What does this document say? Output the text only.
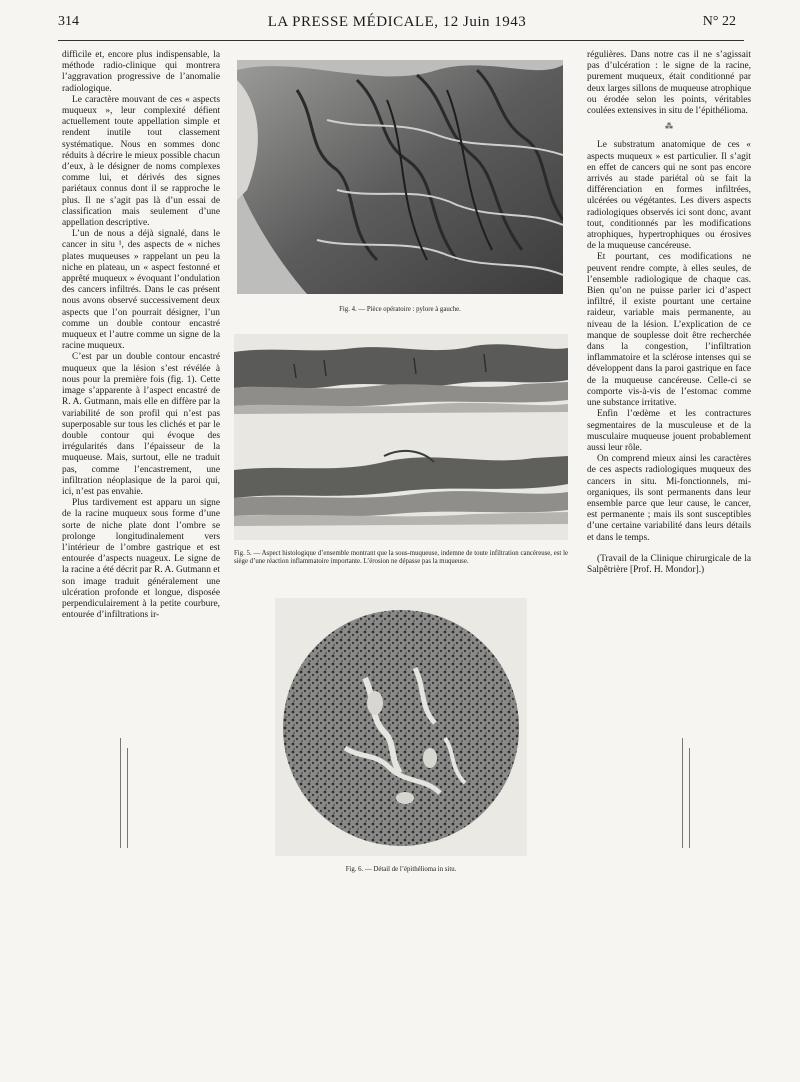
314	LA PRESSE MÉDICALE, 12 Juin 1943	N° 22

difficile et, encore plus indispensable, la méthode radio-clinique qui montrera l’aggravation progressive de l’anomalie radiologique.

Le caractère mouvant de ces « aspects muqueux », leur complexité défient actuellement toute appellation simple et rendent inutile tout classement systématique. Nous en sommes donc réduits à décrire le mieux possible chacun d’eux, à le désigner de noms complexes comme lui, et dérivés des signes pariétaux connus dont il se rapproche le plus. Il ne s’agit pas là d’un essai de classification mais seulement d’une appellation descriptive.

L’un de nous a déjà signalé, dans le cancer in situ ¹, des aspects de « niches plates muqueuses » rappelant un peu la niche en plateau, un « aspect festonné et apprêté muqueux » évoquant l’ondulation des cancers infiltrés. Dans le cas présent nous avons observé successivement deux aspects que l’on pourrait désigner, l’un comme un double contour encastré muqueux et l’autre comme un signe de la racine muqueux.

C’est par un double contour encastré muqueux que la lésion s’est révélée à nous pour la première fois (fig. 1). Cette image s’apparente à l’aspect encastré de R. A. Gutmann, mais elle en diffère par la variabilité de son profil qui n’est pas superposable sur tous les clichés et par le double contour qui évoque des irrégularités dans l’épaisseur de la muqueuse. Mais, surtout, elle ne traduit pas, comme l’encastrement, une infiltration néoplasique de la paroi qui, ici, n’est pas envahie.

Plus tardivement est apparu un signe de la racine muqueux sous forme d’une sorte de niche plate dont l’ombre se prolonge longitudinalement vers l’intérieur de l’ombre gastrique et est entourée d’aspects nuageux. Le signe de la racine a été décrit par R. A. Gutmann et son image traduit généralement une ulcération profonde et longue, disposée perpendiculairement à la petite courbure, entourée d’infiltrations ir-

régulières. Dans notre cas il ne s’agissait pas d’ulcération : le signe de la racine, purement muqueux, était conditionné par deux larges sillons de muqueuse atrophique ou érodée selon les points, véritables coulées extensives in situ de l’épithélioma.

⁂

Le substratum anatomique de ces « aspects muqueux » est particulier. Il s’agit en effet de cancers qui ne sont pas encore arrivés au stade pariétal où se fait la différenciation en formes infiltrées, ulcérées ou végétantes. Les divers aspects radiologiques observés ici sont donc, avant tout, conditionnés par les modifications atrophiques, hypertrophiques ou érosives de la muqueuse cancéreuse.

Et pourtant, ces modifications ne peuvent rendre compte, à elles seules, de l’ensemble radiologique de chaque cas. Bien qu’on ne puisse parler ici d’aspect infiltré, il existe pourtant une certaine raideur, variable mais permanente, au niveau de la lésion. L’explication de ce manque de souplesse doit être recherchée dans la congestion, l’infiltration inflammatoire et la sclérose intenses qui se développent dans la paroi gastrique en face de la muqueuse cancéreuse. Celle-ci se comporte vis-à-vis de l’estomac comme une substance irritative.

Enfin l’œdème et les contractures segmentaires de la musculeuse et de la musculaire muqueuse jouent probablement aussi leur rôle.

On comprend mieux ainsi les caractères de ces aspects radiologiques muqueux des cancers in situ. Mi-fonctionnels, mi-organiques, ils sont permanents dans leur ensemble parce que leur cause, le cancer, est permanente ; mais ils sont susceptibles d’une certaine variabilité dans leurs détails et dans le temps.

(Travail de la Clinique chirurgicale de la Salpêtrière [Prof. H. Mondor].)

Fig. 4. — Pièce opératoire : pylore à gauche.
Fig. 5. — Aspect histologique d’ensemble montrant que la sous-muqueuse, indemne de toute infiltration cancéreuse, est le siège d’une réaction inflammatoire importante. L’érosion ne dépasse pas la muqueuse.
Fig. 6. — Détail de l’épithélioma in situ.
